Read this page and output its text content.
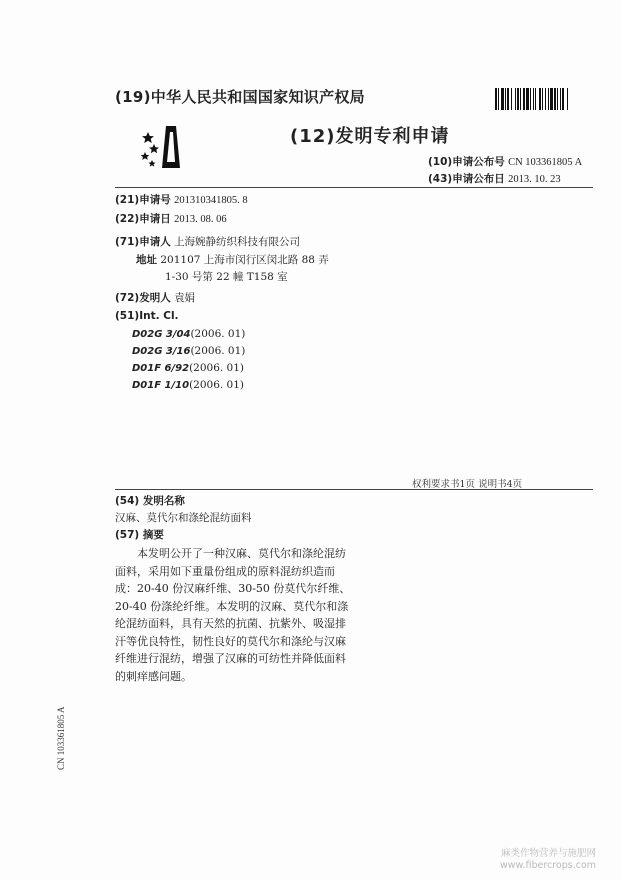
(19)中华人民共和国国家知识产权局
(12)发明专利申请
(10)申请公布号 CN 103361805 A
(43)申请公布日 2013. 10. 23
(21)申请号 201310341805. 8
(22)申请日 2013. 08. 06
(71)申请人 上海婉静纺织科技有限公司
地址 201107 上海市闵行区闵北路 88 弄
1-30 号第 22 幢 T158 室
(72)发明人 袁娟
(51)Int. Cl.
D02G 3/04(2006. 01)
D02G 3/16(2006. 01)
D01F 6/92(2006. 01)
D01F 1/10(2006. 01)
权利要求书1页 说明书4页
(54) 发明名称
汉麻、莫代尔和涤纶混纺面料
(57) 摘要

本发明公开了一种汉麻、莫代尔和涤纶混纺面料，采用如下重量份组成的原料混纺织造而成：20-40 份汉麻纤维、30-50 份莫代尔纤维、20-40 份涤纶纤维。本发明的汉麻、莫代尔和涤纶混纺面料，具有天然的抗菌、抗紫外、吸湿排汗等优良特性，韧性良好的莫代尔和涤纶与汉麻纤维进行混纺，增强了汉麻的可纺性并降低面料的刺痒感问题。

CN 103361805 A
麻类作物营养与施肥网
www.fibercrops.com
